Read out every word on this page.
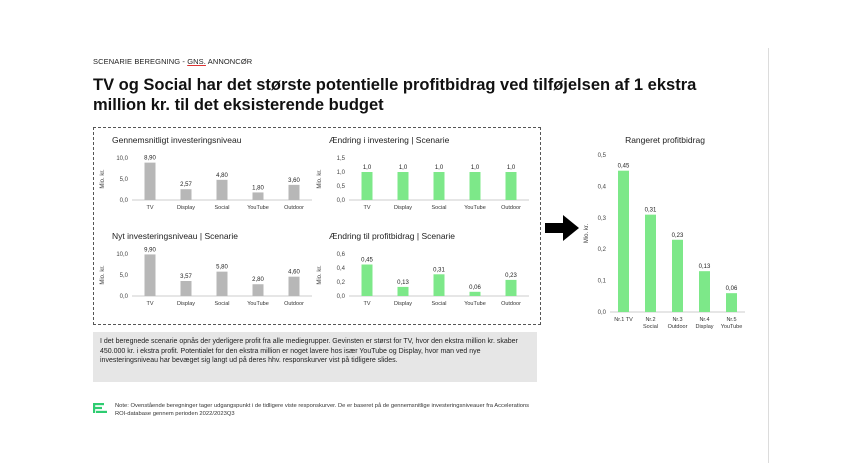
SCENARIE BEREGNING - GNS. ANNONCØR
TV og Social har det største potentielle profitbidrag ved tilføjelsen af 1 ekstra million kr. til det eksisterende budget
Gennemsnitligt investeringsniveau
Mio. kr.
10,0
5,0
0,0
8,90
TV
2,57
Display
4,80
Social
1,80
YouTube
3,60
Outdoor
Ændring i investering | Scenarie
Mio. kr.
1,5
1,0
0,5
0,0
1,0
TV
1,0
Display
1,0
Social
1,0
YouTube
1,0
Outdoor
Nyt investeringsniveau | Scenarie
Mio. kr.
10,0
5,0
0,0
9,90
TV
3,57
Display
5,80
Social
2,80
YouTube
4,60
Outdoor
Ændring til profitbidrag | Scenarie
Mio. kr.
0,6
0,4
0,2
0,0
0,45
TV
0,13
Display
0,31
Social
0,06
YouTube
0,23
Outdoor
Rangeret profitbidrag
Mio. kr.
0,5
0,4
0,3
0,2
0,1
0,0
0,45
Nr.1 TV
0,31
Nr.2
Social
0,23
Nr.3
Outdoor
0,13
Nr.4
Display
0,06
Nr.5
YouTube
I det beregnede scenarie opnås der yderligere profit fra alle mediegrupper. Gevinsten er størst for TV, hvor den ekstra million kr. skaber 450.000 kr. i ekstra profit. Potentialet for den ekstra million er noget lavere hos især YouTube og Display, hvor man ved nye investeringsniveau har bevæget sig langt ud på deres hhv. responskurver vist på tidligere slides.
Note: Ovenstående beregninger tager udgangspunkt i de tidligere viste responskurver. De er baseret på de gennemsnitlige investeringsniveauer fra Accelerations ROI-database gennem perioden 2022/2023Q3
